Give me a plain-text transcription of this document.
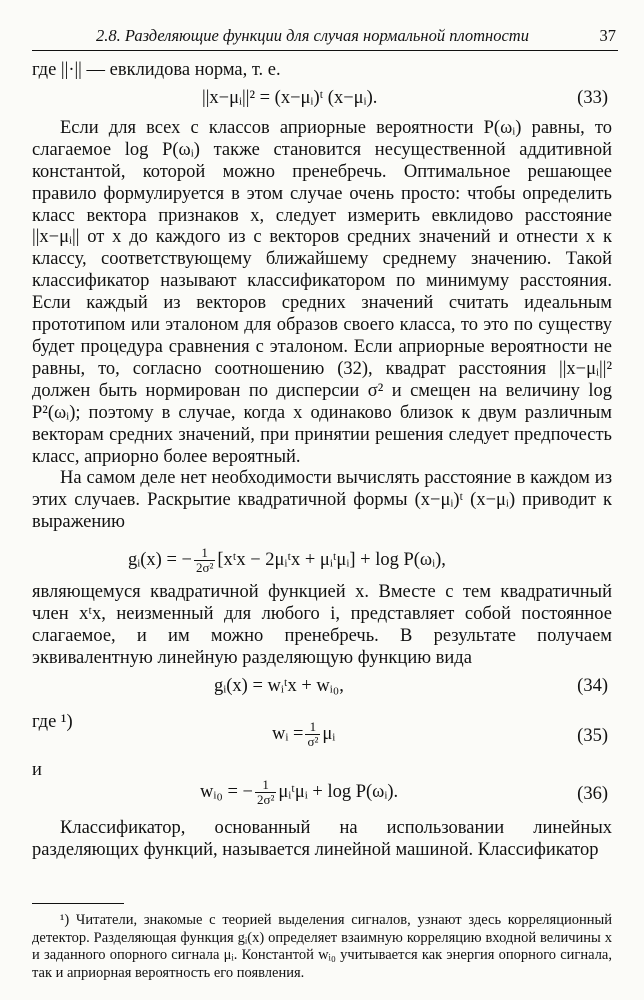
2.8. Разделяющие функции для случая нормальной плотности	37

где ||·|| — евклидова норма, т. е.

||x−μᵢ||² = (x−μᵢ)ᵗ (x−μᵢ).	(33)

Если для всех c классов априорные вероятности P(ωᵢ) равны, то слагаемое log P(ωᵢ) также становится несущественной аддитивной константой, которой можно пренебречь. Оптимальное решающее правило формулируется в этом случае очень просто: чтобы определить класс вектора признаков x, следует измерить евклидово расстояние ||x−μᵢ|| от x до каждого из c векторов средних значений и отнести x к классу, соответствующему ближайшему среднему значению. Такой классификатор называют классификатором по минимуму расстояния. Если каждый из векторов средних значений считать идеальным прототипом или эталоном для образов своего класса, то это по существу будет процедура сравнения с эталоном. Если априорные вероятности не равны, то, согласно соотношению (32), квадрат расстояния ||x−μᵢ||² должен быть нормирован по дисперсии σ² и смещен на величину log P²(ωᵢ); поэтому в случае, когда x одинаково близок к двум различным векторам средних значений, при принятии решения следует предпочесть класс, априорно более вероятный.

На самом деле нет необходимости вычислять расстояние в каждом из этих случаев. Раскрытие квадратичной формы (x−μᵢ)ᵗ (x−μᵢ) приводит к выражению

gᵢ(x) = − $\frac{1}{\text{2σ²}}$ [xᵗx − 2μᵢᵗx + μᵢᵗμᵢ] + log P(ωᵢ),

являющемуся квадратичной функцией x. Вместе с тем квадратичный член xᵗx, неизменный для любого i, представляет собой постоянное слагаемое, и им можно пренебречь. В результате получаем эквивалентную линейную разделяющую функцию вида

gᵢ(x) = wᵢᵗx + wᵢ₀,	(34)
где ¹)
wᵢ = $\frac{1}{\text{σ²}}$ μᵢ	(35)
и
wᵢ₀ = − $\frac{1}{\text{2σ²}}$ μᵢᵗμᵢ + log P(ωᵢ).	(36)

Классификатор, основанный на использовании линейных разделяющих функций, называется линейной машиной. Классификатор

¹) Читатели, знакомые с теорией выделения сигналов, узнают здесь корреляционный детектор. Разделяющая функция gᵢ(x) определяет взаимную корреляцию входной величины x и заданного опорного сигнала μᵢ. Константой wᵢ₀ учитывается как энергия опорного сигнала, так и априорная вероятность его появления.
